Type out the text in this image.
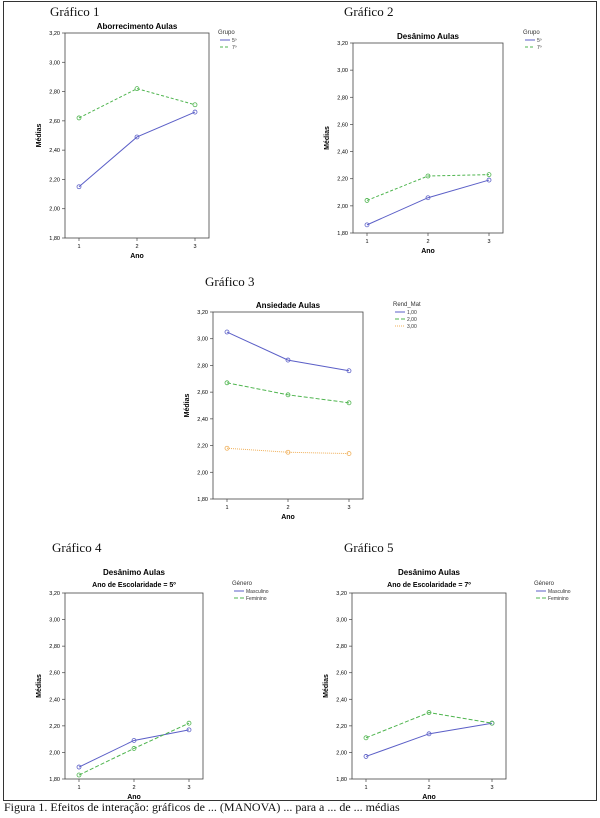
Gráfico 1	Gráfico 2
Gráfico 3
Gráfico 4	Gráfico 5
Aborrecimento Aulas
1,80
2,00
2,20
2,40
2,60
2,80
3,00
3,20
1	2	3
Ano
Médias
Grupo
5º
7º
Desânimo Aulas
1,80
2,00
2,20
2,40
2,60
2,80
3,00
3,20
1	2	3
Ano
Médias
Grupo
5º
7º
Ansiedade Aulas
1,80
2,00
2,20
2,40
2,60
2,80
3,00
3,20
1	2	3
Ano
Médias
Rend_Mat
1,00
2,00
3,00
Desânimo Aulas
Ano de Escolaridade = 5º
1,80
2,00
2,20
2,40
2,60
2,80
3,00
3,20
1	2	3
Ano
Médias
Género
Masculino
Feminino
Desânimo Aulas
Ano de Escolaridade = 7º
1,80
2,00
2,20
2,40
2,60
2,80
3,00
3,20
1	2	3
Ano
Médias
Género
Masculino
Feminino
Figura 1. Efeitos de interação: gráficos de ... (MANOVA) ... para a ... de ... médias
